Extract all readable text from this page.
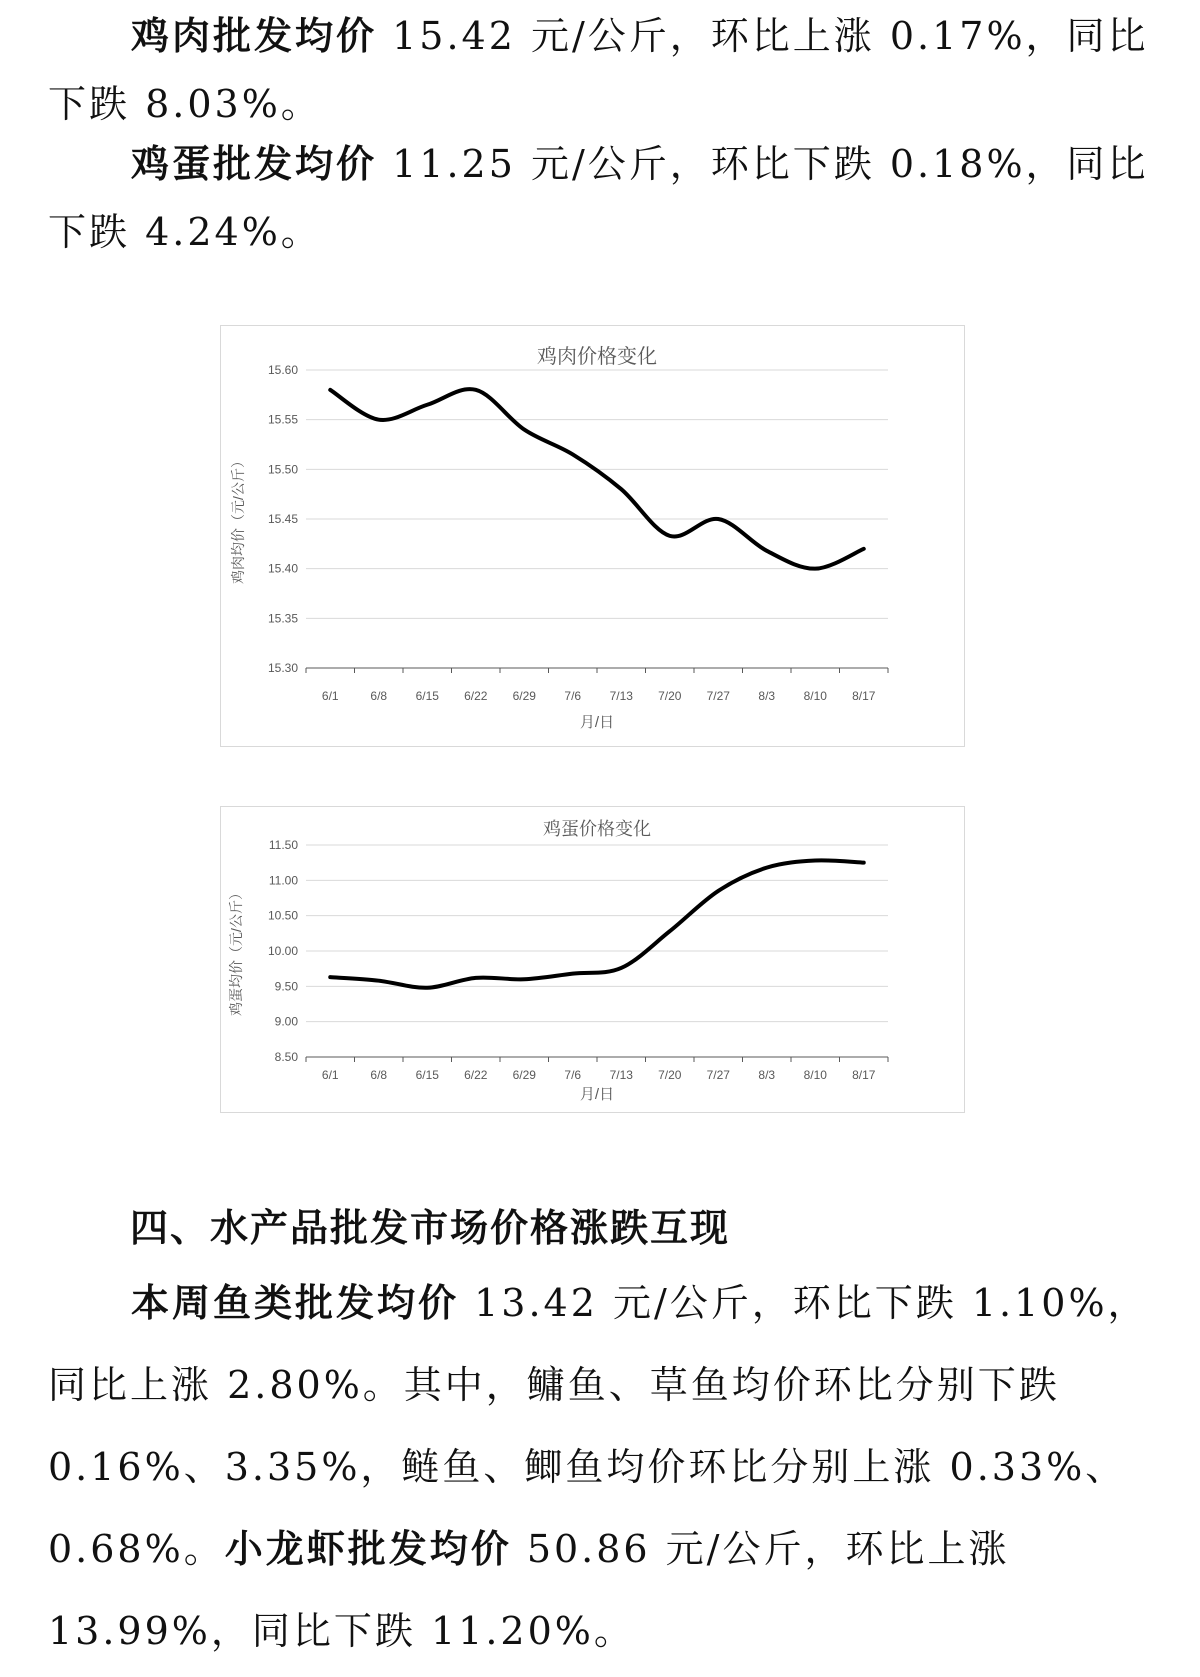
鸡肉批发均价 15.42 元/公斤，环比上涨 0.17%，同比下跌 8.03%。
鸡蛋批发均价 11.25 元/公斤，环比下跌 0.18%，同比下跌 4.24%。
鸡肉价格变化
15.30
15.35
15.40
15.45
15.50
15.55
15.60
6/1	6/8 6/15 6/22 6/29 7/6 7/13 7/20 7/27 8/3 8/10 8/17
月/日
鸡肉均价（元/公斤）
鸡蛋价格变化
8.50
9.00
9.50
10.00
10.50
11.00
11.50
6/1	6/8 6/15 6/22 6/29 7/6 7/13 7/20 7/27 8/3 8/10 8/17
月/日
鸡蛋均价（元/公斤）
四、水产品批发市场价格涨跌互现
本周鱼类批发均价 13.42 元/公斤，环比下跌 1.10%，同比上涨 2.80%。其中，鳙鱼、草鱼均价环比分别下跌 0.16%、3.35%，鲢鱼、鲫鱼均价环比分别上涨 0.33%、0.68%。小龙虾批发均价 50.86 元/公斤，环比上涨 13.99%，同比下跌 11.20%。
